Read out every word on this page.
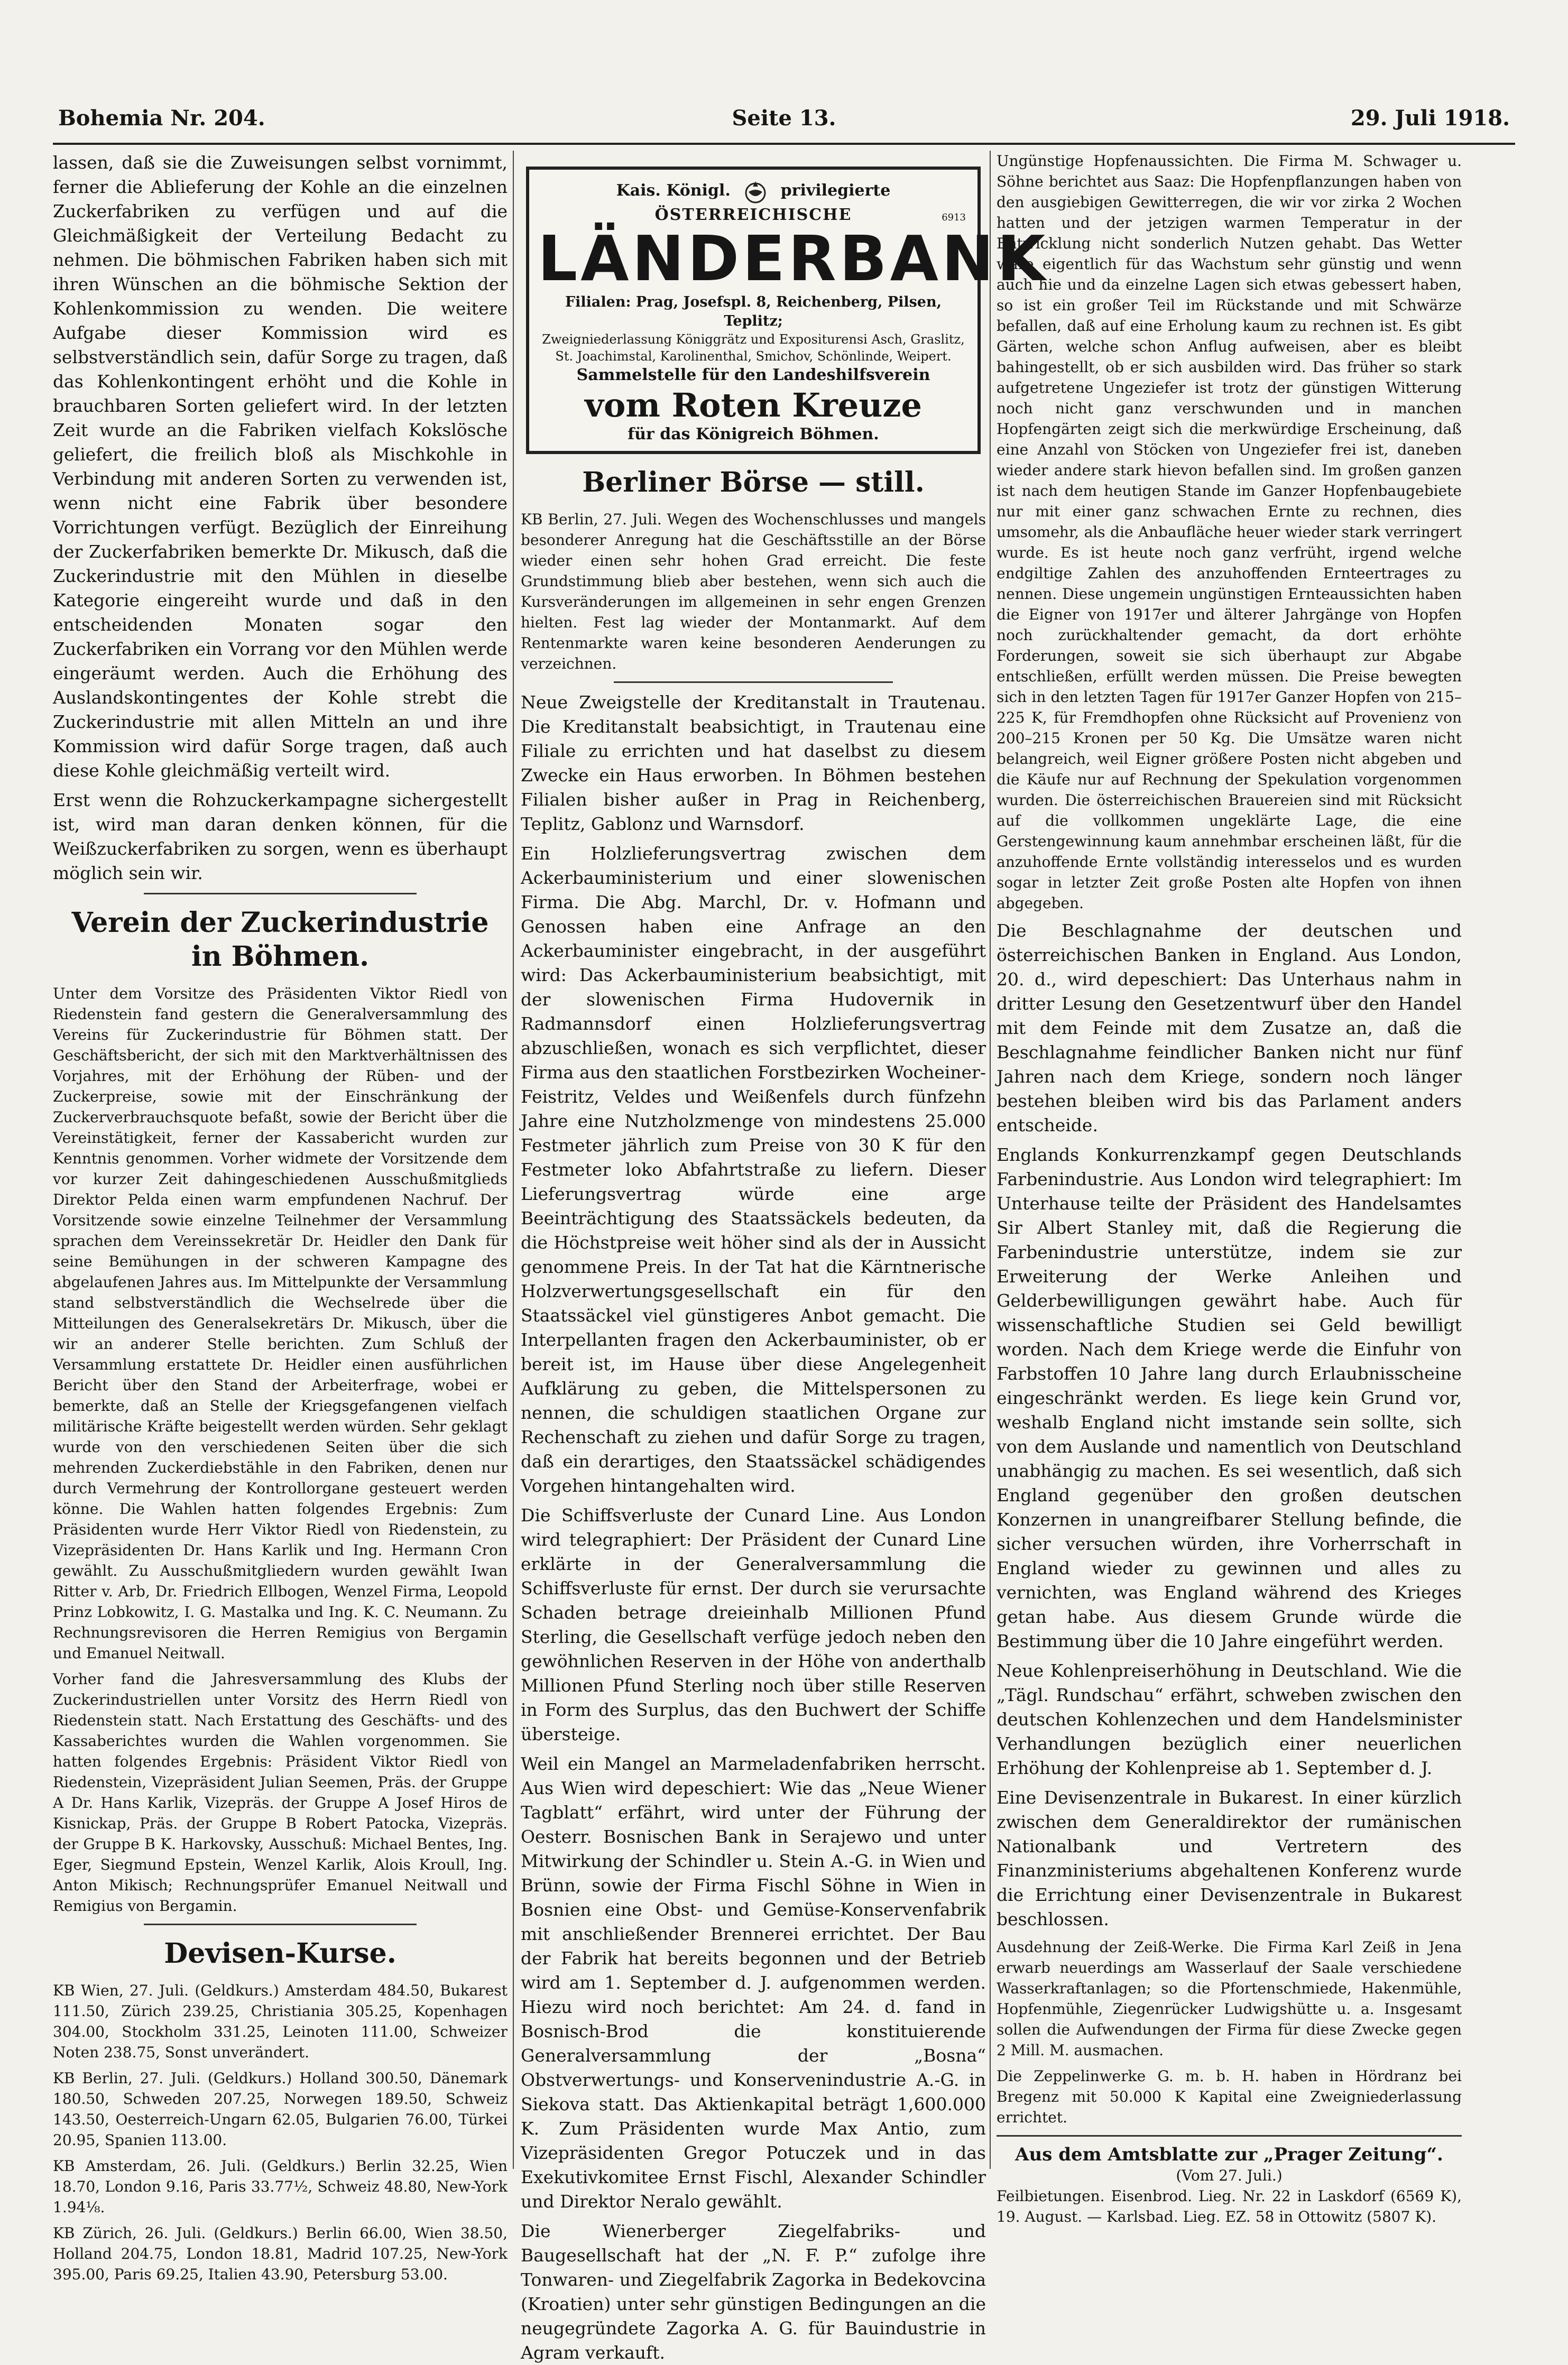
Bohemia Nr. 204.	Seite 13.	29. Juli 1918.

lassen, daß sie die Zuweisungen selbst vornimmt, ferner die Ablieferung der Kohle an die einzelnen Zuckerfabriken zu verfügen und auf die Gleichmäßigkeit der Verteilung Bedacht zu nehmen. Die böhmischen Fabriken haben sich mit ihren Wünschen an die böhmische Sektion der Kohlenkommission zu wenden. Die weitere Aufgabe dieser Kommission wird es selbstverständlich sein, dafür Sorge zu tragen, daß das Kohlenkontingent erhöht und die Kohle in brauchbaren Sorten geliefert wird. In der letzten Zeit wurde an die Fabriken vielfach Kokslösche geliefert, die freilich bloß als Mischkohle in Verbindung mit anderen Sorten zu verwenden ist, wenn nicht eine Fabrik über besondere Vorrichtungen verfügt. Bezüglich der Einreihung der Zuckerfabriken bemerkte Dr. Mikusch, daß die Zuckerindustrie mit den Mühlen in dieselbe Kategorie eingereiht wurde und daß in den entscheidenden Monaten sogar den Zuckerfabriken ein Vorrang vor den Mühlen werde eingeräumt werden. Auch die Erhöhung des Auslandskontingentes der Kohle strebt die Zuckerindustrie mit allen Mitteln an und ihre Kommission wird dafür Sorge tragen, daß auch diese Kohle gleichmäßig verteilt wird.

Erst wenn die Rohzuckerkampagne sichergestellt ist, wird man daran denken können, für die Weißzuckerfabriken zu sorgen, wenn es überhaupt möglich sein wir.

Verein der Zuckerindustrie in Böhmen.

Unter dem Vorsitze des Präsidenten Viktor Riedl von Riedenstein fand gestern die Generalversammlung des Vereins für Zuckerindustrie für Böhmen statt. Der Geschäftsbericht, der sich mit den Marktverhältnissen des Vorjahres, mit der Erhöhung der Rüben- und der Zuckerpreise, sowie mit der Einschränkung der Zuckerverbrauchsquote befaßt, sowie der Bericht über die Vereinstätigkeit, ferner der Kassabericht wurden zur Kenntnis genommen. Vorher widmete der Vorsitzende dem vor kurzer Zeit dahingeschiedenen Ausschußmitglieds Direktor Pelda einen warm empfundenen Nachruf. Der Vorsitzende sowie einzelne Teilnehmer der Versammlung sprachen dem Vereinssekretär Dr. Heidler den Dank für seine Bemühungen in der schweren Kampagne des abgelaufenen Jahres aus. Im Mittelpunkte der Versammlung stand selbstverständlich die Wechselrede über die Mitteilungen des Generalsekretärs Dr. Mikusch, über die wir an anderer Stelle berichten. Zum Schluß der Versammlung erstattete Dr. Heidler einen ausführlichen Bericht über den Stand der Arbeiterfrage, wobei er bemerkte, daß an Stelle der Kriegsgefangenen vielfach militärische Kräfte beigestellt werden würden. Sehr geklagt wurde von den verschiedenen Seiten über die sich mehrenden Zuckerdiebstähle in den Fabriken, denen nur durch Vermehrung der Kontrollorgane gesteuert werden könne. Die Wahlen hatten folgendes Ergebnis: Zum Präsidenten wurde Herr Viktor Riedl von Riedenstein, zu Vizepräsidenten Dr. Hans Karlik und Ing. Hermann Cron gewählt. Zu Ausschußmitgliedern wurden gewählt Iwan Ritter v. Arb, Dr. Friedrich Ellbogen, Wenzel Firma, Leopold Prinz Lobkowitz, I. G. Mastalka und Ing. K. C. Neumann. Zu Rechnungsrevisoren die Herren Remigius von Bergamin und Emanuel Neitwall.

Vorher fand die Jahresversammlung des Klubs der Zuckerindustriellen unter Vorsitz des Herrn Riedl von Riedenstein statt. Nach Erstattung des Geschäfts- und des Kassaberichtes wurden die Wahlen vorgenommen. Sie hatten folgendes Ergebnis: Präsident Viktor Riedl von Riedenstein, Vizepräsident Julian Seemen, Präs. der Gruppe A Dr. Hans Karlik, Vizepräs. der Gruppe A Josef Hiros de Kisnickap, Präs. der Gruppe B Robert Patocka, Vizepräs. der Gruppe B K. Harkovsky, Ausschuß: Michael Bentes, Ing. Eger, Siegmund Epstein, Wenzel Karlik, Alois Kroull, Ing. Anton Mikisch; Rechnungsprüfer Emanuel Neitwall und Remigius von Bergamin.

Devisen-Kurse.

KB Wien, 27. Juli. (Geldkurs.) Amsterdam 484.50, Bukarest 111.50, Zürich 239.25, Christiania 305.25, Kopenhagen 304.00, Stockholm 331.25, Leinoten 111.00, Schweizer Noten 238.75, Sonst unverändert.

KB Berlin, 27. Juli. (Geldkurs.) Holland 300.50, Dänemark 180.50, Schweden 207.25, Norwegen 189.50, Schweiz 143.50, Oesterreich-Ungarn 62.05, Bulgarien 76.00, Türkei 20.95, Spanien 113.00.

KB Amsterdam, 26. Juli. (Geldkurs.) Berlin 32.25, Wien 18.70, London 9.16, Paris 33.77½, Schweiz 48.80, New-York 1.94⅛.

KB Zürich, 26. Juli. (Geldkurs.) Berlin 66.00, Wien 38.50, Holland 204.75, London 18.81, Madrid 107.25, New-York 395.00, Paris 69.25, Italien 43.90, Petersburg 53.00.

Kais. Königl.	privilegierte
ÖSTERREICHISCHE	6913
LÄNDERBANK
Filialen: Prag, Josefspl. 8, Reichenberg, Pilsen, Teplitz;
Zweigniederlassung Königgrätz und Expositurensi Asch, Graslitz, St. Joachimstal, Karolinenthal, Smichov, Schönlinde, Weipert.
Sammelstelle für den Landeshilfsverein
vom Roten Kreuze
für das Königreich Böhmen.
Berliner Börse — still.

KB Berlin, 27. Juli. Wegen des Wochenschlusses und mangels besonderer Anregung hat die Geschäftsstille an der Börse wieder einen sehr hohen Grad erreicht. Die feste Grundstimmung blieb aber bestehen, wenn sich auch die Kursveränderungen im allgemeinen in sehr engen Grenzen hielten. Fest lag wieder der Montanmarkt. Auf dem Rentenmarkte waren keine besonderen Aenderungen zu verzeichnen.

Neue Zweigstelle der Kreditanstalt in Trautenau. Die Kreditanstalt beabsichtigt, in Trautenau eine Filiale zu errichten und hat daselbst zu diesem Zwecke ein Haus erworben. In Böhmen bestehen Filialen bisher außer in Prag in Reichenberg, Teplitz, Gablonz und Warnsdorf.

Ein Holzlieferungsvertrag zwischen dem Ackerbauministerium und einer slowenischen Firma. Die Abg. Marchl, Dr. v. Hofmann und Genossen haben eine Anfrage an den Ackerbauminister eingebracht, in der ausgeführt wird: Das Ackerbauministerium beabsichtigt, mit der slowenischen Firma Hudovernik in Radmannsdorf einen Holzlieferungsvertrag abzuschließen, wonach es sich verpflichtet, dieser Firma aus den staatlichen Forstbezirken Wocheiner-Feistritz, Veldes und Weißenfels durch fünfzehn Jahre eine Nutzholzmenge von mindestens 25.000 Festmeter jährlich zum Preise von 30 K für den Festmeter loko Abfahrtstraße zu liefern. Dieser Lieferungsvertrag würde eine arge Beeinträchtigung des Staatssäckels bedeuten, da die Höchstpreise weit höher sind als der in Aussicht genommene Preis. In der Tat hat die Kärntnerische Holzverwertungsgesellschaft ein für den Staatssäckel viel günstigeres Anbot gemacht. Die Interpellanten fragen den Ackerbauminister, ob er bereit ist, im Hause über diese Angelegenheit Aufklärung zu geben, die Mittelspersonen zu nennen, die schuldigen staatlichen Organe zur Rechenschaft zu ziehen und dafür Sorge zu tragen, daß ein derartiges, den Staatssäckel schädigendes Vorgehen hintangehalten wird.

Die Schiffsverluste der Cunard Line. Aus London wird telegraphiert: Der Präsident der Cunard Line erklärte in der Generalversammlung die Schiffsverluste für ernst. Der durch sie verursachte Schaden betrage dreieinhalb Millionen Pfund Sterling, die Gesellschaft verfüge jedoch neben den gewöhnlichen Reserven in der Höhe von anderthalb Millionen Pfund Sterling noch über stille Reserven in Form des Surplus, das den Buchwert der Schiffe übersteige.

Weil ein Mangel an Marmeladenfabriken herrscht. Aus Wien wird depeschiert: Wie das „Neue Wiener Tagblatt“ erfährt, wird unter der Führung der Oesterr. Bosnischen Bank in Serajewo und unter Mitwirkung der Schindler u. Stein A.-G. in Wien und Brünn, sowie der Firma Fischl Söhne in Wien in Bosnien eine Obst- und Gemüse-Konservenfabrik mit anschließender Brennerei errichtet. Der Bau der Fabrik hat bereits begonnen und der Betrieb wird am 1. September d. J. aufgenommen werden. Hiezu wird noch berichtet: Am 24. d. fand in Bosnisch-Brod die konstituierende Generalversammlung der „Bosna“ Obstverwertungs- und Konservenindustrie A.-G. in Siekova statt. Das Aktienkapital beträgt 1,600.000 K. Zum Präsidenten wurde Max Antio, zum Vizepräsidenten Gregor Potuczek und in das Exekutivkomitee Ernst Fischl, Alexander Schindler und Direktor Neralo gewählt.

Die Wienerberger Ziegelfabriks- und Baugesellschaft hat der „N. F. P.“ zufolge ihre Tonwaren- und Ziegelfabrik Zagorka in Bedekovcina (Kroatien) unter sehr günstigen Bedingungen an die neugegründete Zagorka A. G. für Bauindustrie in Agram verkauft.

Ungünstige Hopfenaussichten. Die Firma M. Schwager u. Söhne berichtet aus Saaz: Die Hopfenpflanzungen haben von den ausgiebigen Gewitterregen, die wir vor zirka 2 Wochen hatten und der jetzigen warmen Temperatur in der Entwicklung nicht sonderlich Nutzen gehabt. Das Wetter wäre eigentlich für das Wachstum sehr günstig und wenn auch hie und da einzelne Lagen sich etwas gebessert haben, so ist ein großer Teil im Rückstande und mit Schwärze befallen, daß auf eine Erholung kaum zu rechnen ist. Es gibt Gärten, welche schon Anflug aufweisen, aber es bleibt bahingestellt, ob er sich ausbilden wird. Das früher so stark aufgetretene Ungeziefer ist trotz der günstigen Witterung noch nicht ganz verschwunden und in manchen Hopfengärten zeigt sich die merkwürdige Erscheinung, daß eine Anzahl von Stöcken von Ungeziefer frei ist, daneben wieder andere stark hievon befallen sind. Im großen ganzen ist nach dem heutigen Stande im Ganzer Hopfenbaugebiete nur mit einer ganz schwachen Ernte zu rechnen, dies umsomehr, als die Anbaufläche heuer wieder stark verringert wurde. Es ist heute noch ganz verfrüht, irgend welche endgiltige Zahlen des anzuhoffenden Ernteertrages zu nennen. Diese ungemein ungünstigen Ernteaussichten haben die Eigner von 1917er und älterer Jahrgänge von Hopfen noch zurückhaltender gemacht, da dort erhöhte Forderungen, soweit sie sich überhaupt zur Abgabe entschließen, erfüllt werden müssen. Die Preise bewegten sich in den letzten Tagen für 1917er Ganzer Hopfen von 215–225 K, für Fremdhopfen ohne Rücksicht auf Provenienz von 200–215 Kronen per 50 Kg. Die Umsätze waren nicht belangreich, weil Eigner größere Posten nicht abgeben und die Käufe nur auf Rechnung der Spekulation vorgenommen wurden. Die österreichischen Brauereien sind mit Rücksicht auf die vollkommen ungeklärte Lage, die eine Gerstengewinnung kaum annehmbar erscheinen läßt, für die anzuhoffende Ernte vollständig interesselos und es wurden sogar in letzter Zeit große Posten alte Hopfen von ihnen abgegeben.

Die Beschlagnahme der deutschen und österreichischen Banken in England. Aus London, 20. d., wird depeschiert: Das Unterhaus nahm in dritter Lesung den Gesetzentwurf über den Handel mit dem Feinde mit dem Zusatze an, daß die Beschlagnahme feindlicher Banken nicht nur fünf Jahren nach dem Kriege, sondern noch länger bestehen bleiben wird bis das Parlament anders entscheide.

Englands Konkurrenzkampf gegen Deutschlands Farbenindustrie. Aus London wird telegraphiert: Im Unterhause teilte der Präsident des Handelsamtes Sir Albert Stanley mit, daß die Regierung die Farbenindustrie unterstütze, indem sie zur Erweiterung der Werke Anleihen und Gelderbewilligungen gewährt habe. Auch für wissenschaftliche Studien sei Geld bewilligt worden. Nach dem Kriege werde die Einfuhr von Farbstoffen 10 Jahre lang durch Erlaubnisscheine eingeschränkt werden. Es liege kein Grund vor, weshalb England nicht imstande sein sollte, sich von dem Auslande und namentlich von Deutschland unabhängig zu machen. Es sei wesentlich, daß sich England gegenüber den großen deutschen Konzernen in unangreifbarer Stellung befinde, die sicher versuchen würden, ihre Vorherrschaft in England wieder zu gewinnen und alles zu vernichten, was England während des Krieges getan habe. Aus diesem Grunde würde die Bestimmung über die 10 Jahre eingeführt werden.

Neue Kohlenpreiserhöhung in Deutschland. Wie die „Tägl. Rundschau“ erfährt, schweben zwischen den deutschen Kohlenzechen und dem Handelsminister Verhandlungen bezüglich einer neuerlichen Erhöhung der Kohlenpreise ab 1. September d. J.

Eine Devisenzentrale in Bukarest. In einer kürzlich zwischen dem Generaldirektor der rumänischen Nationalbank und Vertretern des Finanzministeriums abgehaltenen Konferenz wurde die Errichtung einer Devisenzentrale in Bukarest beschlossen.

Ausdehnung der Zeiß-Werke. Die Firma Karl Zeiß in Jena erwarb neuerdings am Wasserlauf der Saale verschiedene Wasserkraftanlagen; so die Pfortenschmiede, Hakenmühle, Hopfenmühle, Ziegenrücker Ludwigshütte u. a. Insgesamt sollen die Aufwendungen der Firma für diese Zwecke gegen 2 Mill. M. ausmachen.

Die Zeppelinwerke G. m. b. H. haben in Hördranz bei Bregenz mit 50.000 K Kapital eine Zweigniederlassung errichtet.

Aus dem Amtsblatte zur „Prager Zeitung“.
(Vom 27. Juli.)

Feilbietungen. Eisenbrod. Lieg. Nr. 22 in Laskdorf (6569 K), 19. August. — Karlsbad. Lieg. EZ. 58 in Ottowitz (5807 K).
